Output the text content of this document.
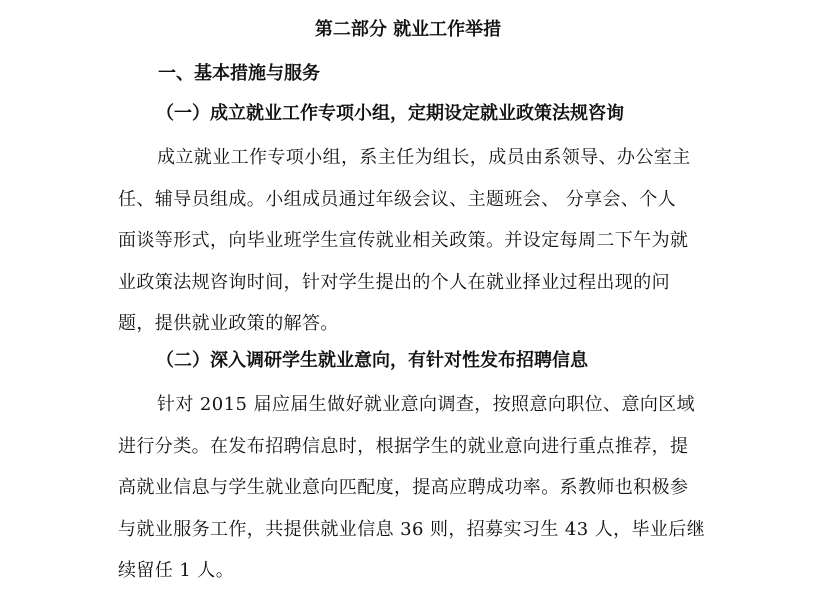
第二部分 就业工作举措
一、基本措施与服务
（一）成立就业工作专项小组，定期设定就业政策法规咨询
成立就业工作专项小组，系主任为组长，成员由系领导、办公室主
任、辅导员组成。小组成员通过年级会议、主题班会、 分享会、个人
面谈等形式，向毕业班学生宣传就业相关政策。并设定每周二下午为就
业政策法规咨询时间，针对学生提出的个人在就业择业过程出现的问
题，提供就业政策的解答。
（二）深入调研学生就业意向，有针对性发布招聘信息
针对 2015 届应届生做好就业意向调查，按照意向职位、意向区域
进行分类。在发布招聘信息时，根据学生的就业意向进行重点推荐，提
高就业信息与学生就业意向匹配度，提高应聘成功率。系教师也积极参
与就业服务工作，共提供就业信息 36 则，招募实习生 43 人，毕业后继
续留任 1 人。
